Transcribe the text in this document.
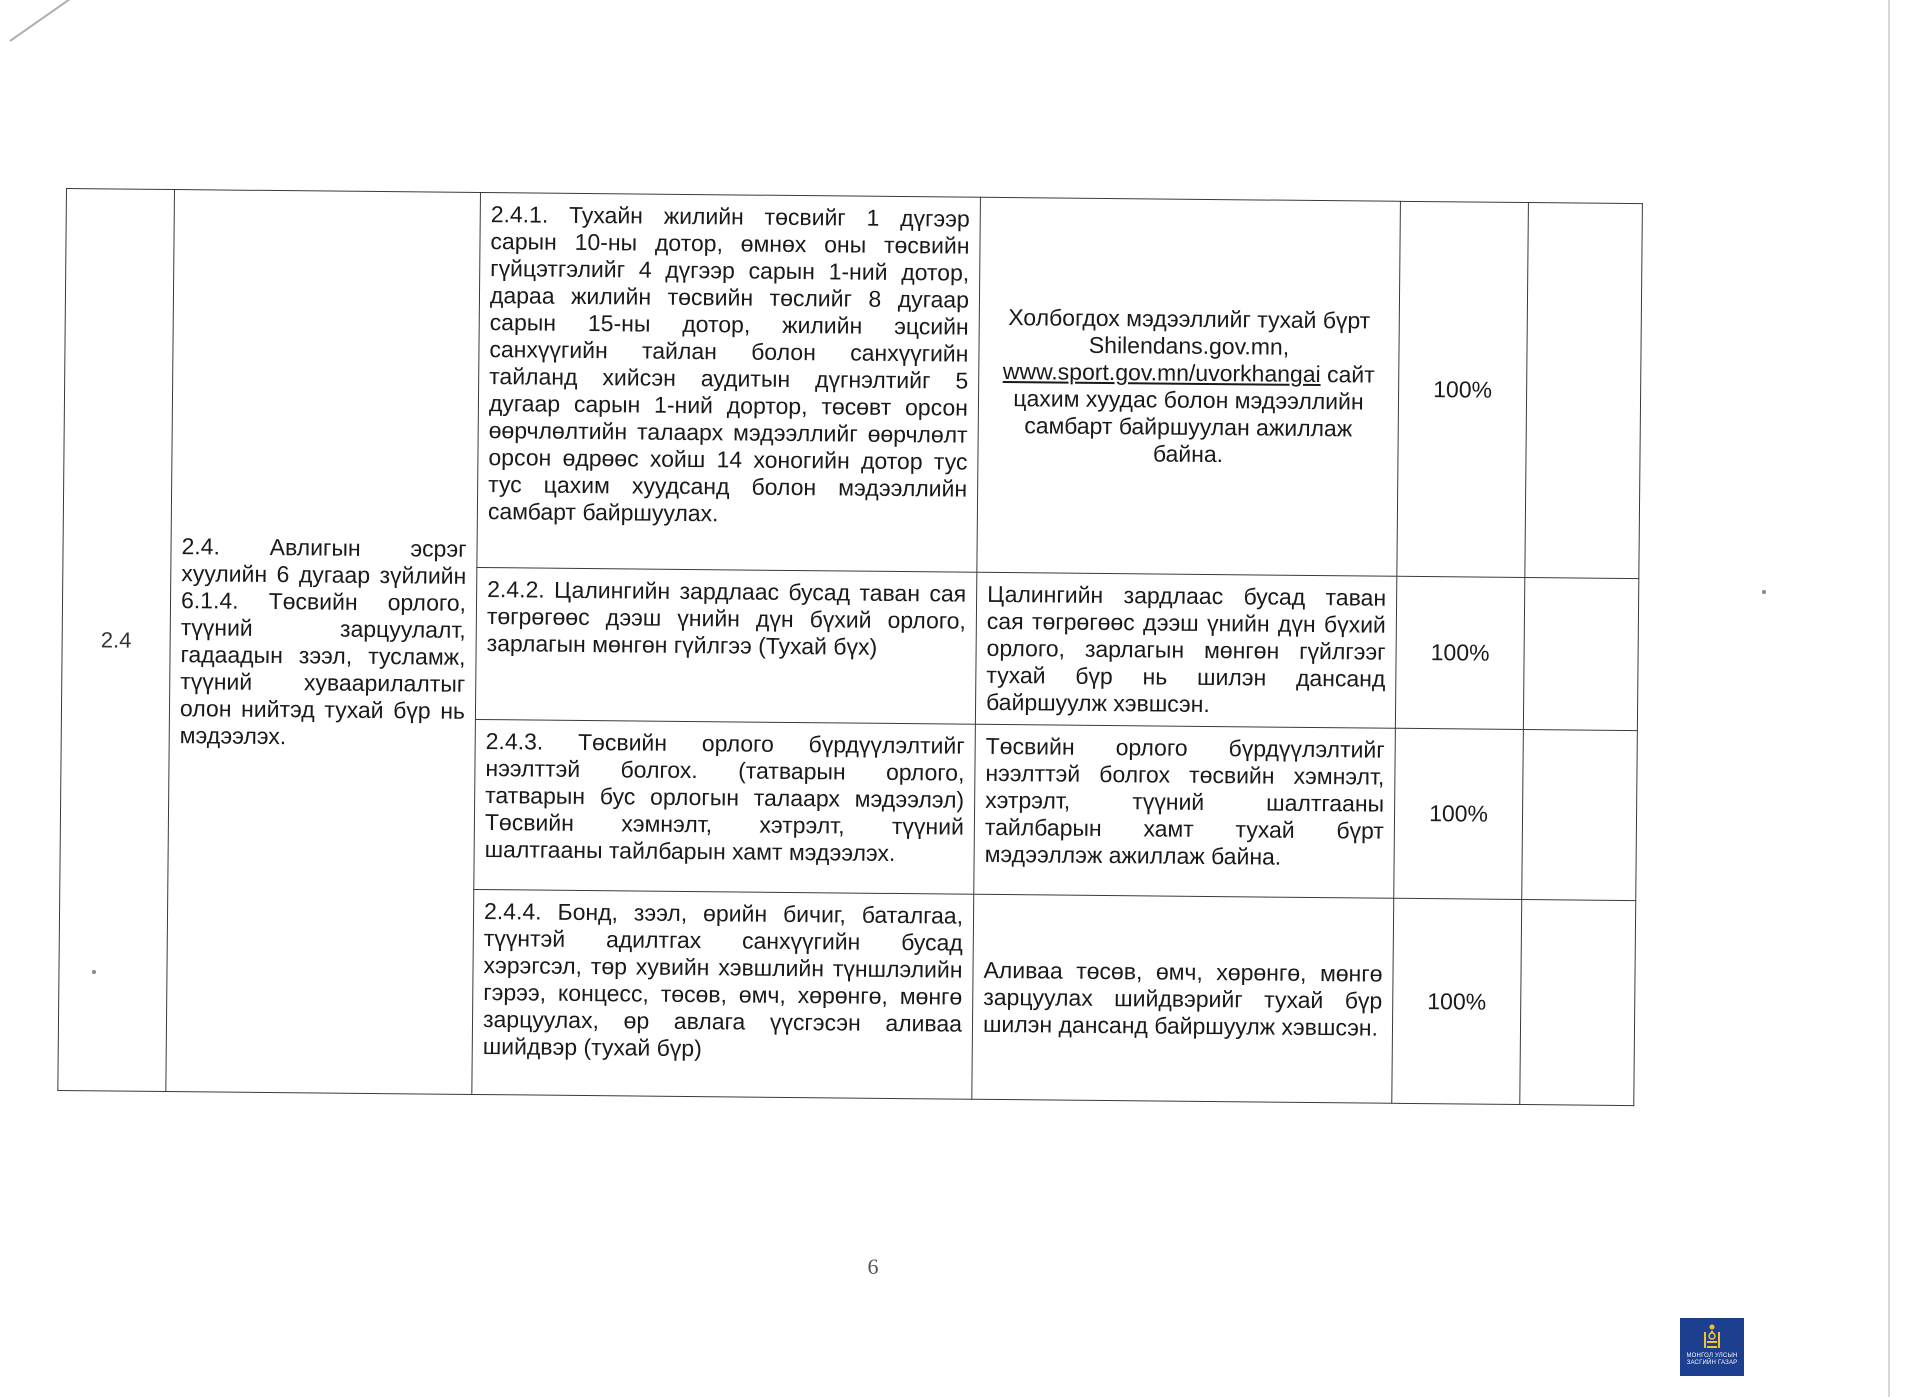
2.4	2.4. Авлигын эсрэг хуулийн 6 дугаар зүйлийн 6.1.4. Төсвийн орлого, түүний зарцуулалт, гадаадын зээл, тусламж, түүний хуваарилалтыг олон нийтэд тухай бүр нь мэдээлэх.	2.4.1. Тухайн жилийн төсвийг 1 дүгээр сарын 10-ны дотор, өмнөх оны төсвийн гүйцэтгэлийг 4 дүгээр сарын 1-ний дотор, дараа жилийн төсвийн төслийг 8 дугаар сарын 15-ны дотор, жилийн эцсийн санхүүгийн тайлан болон санхүүгийн тайланд хийсэн аудитын дүгнэлтийг 5 дугаар сарын 1-ний дортор, төсөвт орсон өөрчлөлтийн талаарх мэдээллийг өөрчлөлт орсон өдрөөс хойш 14 хоногийн дотор тус тус цахим хуудсанд болон мэдээллийн самбарт байршуулах.	Холбогдох мэдээллийг тухай бүрт Shilendans.gov.mn, www.sport.gov.mn/uvorkhangai сайт цахим хуудас болон мэдээллийн самбарт байршуулан ажиллаж байна.	100%	
		2.4.2. Цалингийн зардлаас бусад таван сая төгрөгөөс дээш үнийн дүн бүхий орлого, зарлагын мөнгөн гүйлгээ (Тухай бүх)	Цалингийн зардлаас бусад таван сая төгрөгөөс дээш үнийн дүн бүхий орлого, зарлагын мөнгөн гүйлгээг тухай бүр нь шилэн дансанд байршуулж хэвшсэн.	100%	
		2.4.3. Төсвийн орлого бүрдүүлэлтийг нээлттэй болгох. (татварын орлого, татварын бус орлогын талаарх мэдээлэл) Төсвийн хэмнэлт, хэтрэлт, түүний шалтгааны тайлбарын хамт мэдээлэх.	Төсвийн орлого бүрдүүлэлтийг нээлттэй болгох төсвийн хэмнэлт, хэтрэлт, түүний шалтгааны тайлбарын хамт тухай бүрт мэдээллэж ажиллаж байна.	100%	
		2.4.4. Бонд, зээл, өрийн бичиг, баталгаа, түүнтэй адилтгах санхүүгийн бусад хэрэгсэл, төр хувийн хэвшлийн түншлэлийн гэрээ, концесс, төсөв, өмч, хөрөнгө, мөнгө зарцуулах, өр авлага үүсгэсэн аливаа шийдвэр (тухай бүр)	Аливаа төсөв, өмч, хөрөнгө, мөнгө зарцуулах шийдвэрийг тухай бүр шилэн дансанд байршуулж хэвшсэн.	100%	
6
МОНГОЛ УЛСЫН ЗАСГИЙН ГАЗАР
